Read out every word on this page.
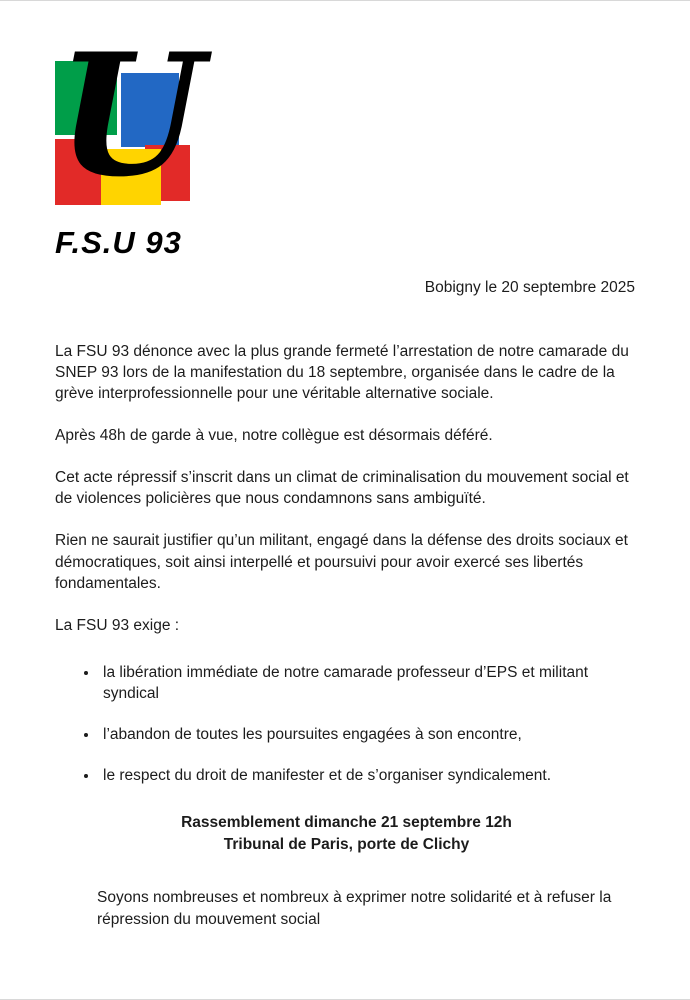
U
F.S.U 93
Bobigny le 20 septembre 2025

La FSU 93 dénonce avec la plus grande fermeté l’arrestation de notre camarade du SNEP 93 lors de la manifestation du 18 septembre, organisée dans le cadre de la grève interprofessionnelle pour une véritable alternative sociale.

Après 48h de garde à vue, notre collègue est désormais déféré.

Cet acte répressif s’inscrit dans un climat de criminalisation du mouvement social et de violences policières que nous condamnons sans ambiguïté.

Rien ne saurait justifier qu’un militant, engagé dans la défense des droits sociaux et démocratiques, soit ainsi interpellé et poursuivi pour avoir exercé ses libertés fondamentales.

La FSU 93 exige :

• la libération immédiate de notre camarade professeur d’EPS et militant syndical
• l’abandon de toutes les poursuites engagées à son encontre,
• le respect du droit de manifester et de s’organiser syndicalement.
Rassemblement dimanche 21 septembre 12h
Tribunal de Paris, porte de Clichy

Soyons nombreuses et nombreux à exprimer notre solidarité et à refuser la répression du mouvement social
